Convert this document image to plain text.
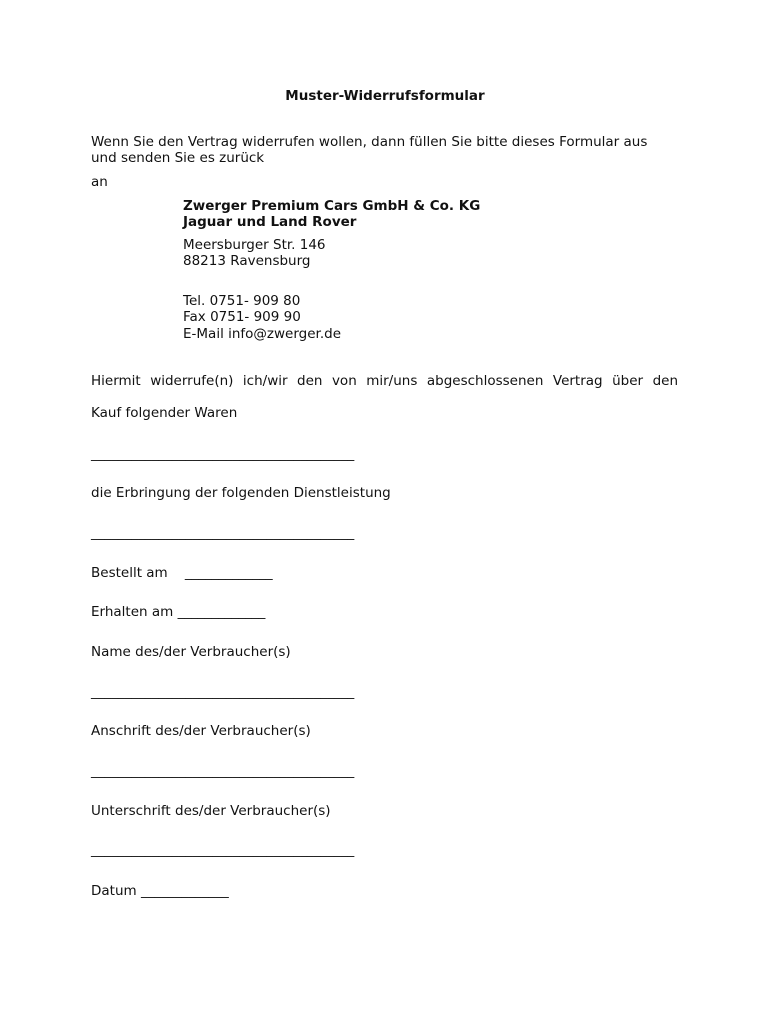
Muster-Widerrufsformular
Wenn Sie den Vertrag widerrufen wollen, dann füllen Sie bitte dieses Formular aus
und senden Sie es zurück
an
Zwerger Premium Cars GmbH & Co. KG
Jaguar und Land Rover
Meersburger Str. 146
88213 Ravensburg
Tel. 0751- 909 80
Fax 0751- 909 90
E-Mail info@zwerger.de
Hiermit widerrufe(n) ich/wir den von mir/uns abgeschlossenen Vertrag über den
Kauf folgender Waren
_______________________________________
die Erbringung der folgenden Dienstleistung
_______________________________________
Bestellt am    _____________
Erhalten am _____________
Name des/der Verbraucher(s)
_______________________________________
Anschrift des/der Verbraucher(s)
_______________________________________
Unterschrift des/der Verbraucher(s)
_______________________________________
Datum _____________
